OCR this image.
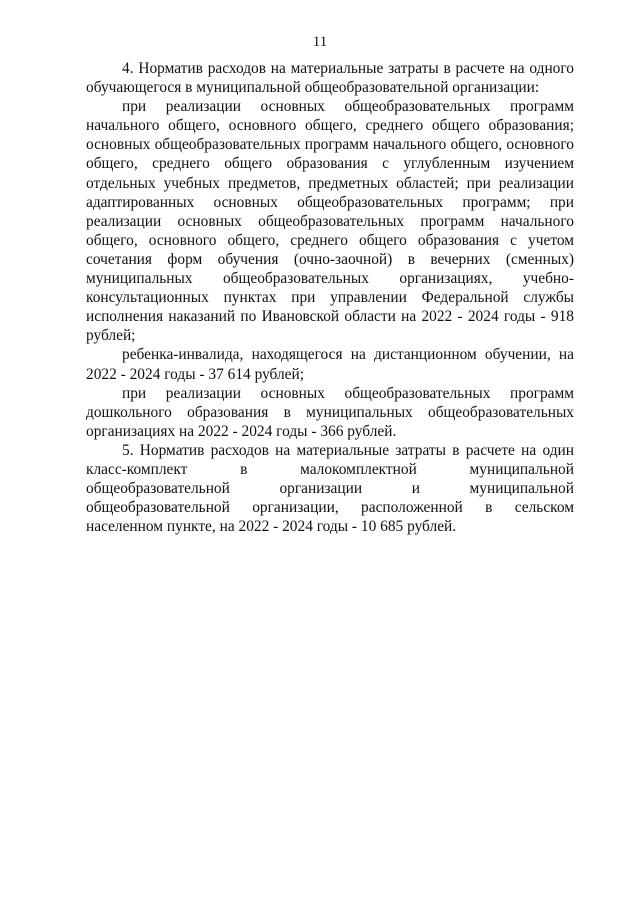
11

4. Норматив расходов на материальные затраты в расчете на одного обучающегося в муниципальной общеобразовательной организации:

при реализации основных общеобразовательных программ начального общего, основного общего, среднего общего образования; основных общеобразовательных программ начального общего, основного общего, среднего общего образования с углубленным изучением отдельных учебных предметов, предметных областей; при реализации адаптированных основных общеобразовательных программ; при реализации основных общеобразовательных программ начального общего, основного общего, среднего общего образования с учетом сочетания форм обучения (очно-заочной) в вечерних (сменных) муниципальных общеобразовательных организациях, учебно-консультационных пунктах при управлении Федеральной службы исполнения наказаний по Ивановской области на 2022 - 2024 годы - 918 рублей;

ребенка-инвалида, находящегося на дистанционном обучении, на 2022 - 2024 годы - 37 614 рублей;

при реализации основных общеобразовательных программ дошкольного образования в муниципальных общеобразовательных организациях на 2022 - 2024 годы - 366 рублей.

5. Норматив расходов на материальные затраты в расчете на один класс-комплект в малокомплектной муниципальной общеобразовательной организации и муниципальной общеобразовательной организации, расположенной в сельском населенном пункте, на 2022 - 2024 годы - 10 685 рублей.
